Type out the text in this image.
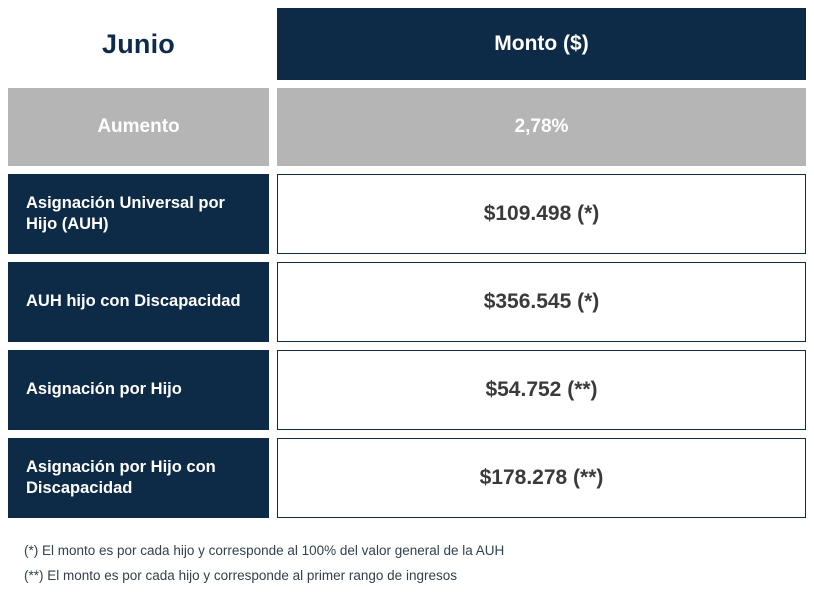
Junio	Monto ($)
Aumento	2,78%
Asignación Universal por Hijo (AUH)	$109.498 (*)
AUH hijo con Discapacidad	$356.545 (*)
Asignación por Hijo	$54.752 (**)
Asignación por Hijo con Discapacidad	$178.278 (**)
(*) El monto es por cada hijo y corresponde al 100% del valor general de la AUH
(**) El monto es por cada hijo y corresponde al primer rango de ingresos
